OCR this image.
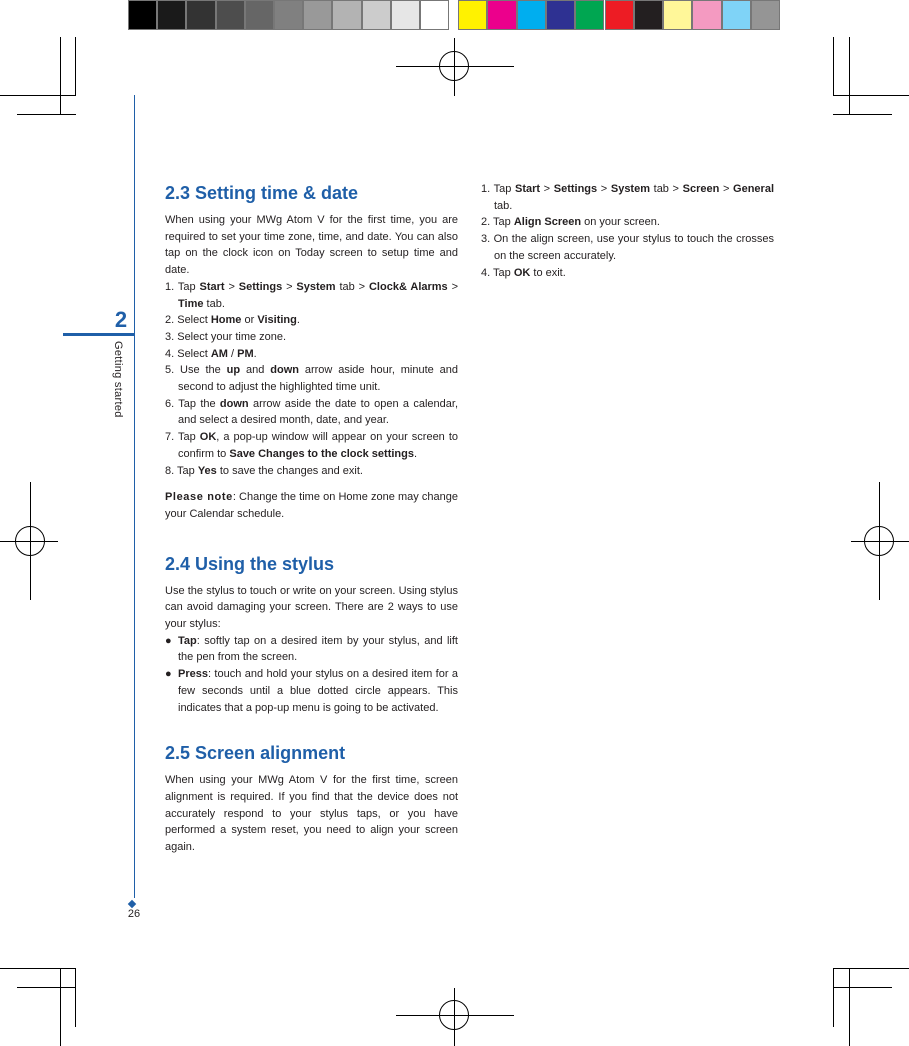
2
Getting started
26
2.3 Setting time & date

When using your MWg Atom V for the first time, you are required to set your time zone, time, and date. You can also tap on the clock icon on Today screen to setup time and date.

1. Tap Start > Settings > System tab > Clock& Alarms > Time tab.
2. Select Home or Visiting.
3. Select your time zone.
4. Select AM / PM.
5. Use the up and down arrow aside hour, minute and second to adjust the highlighted time unit.
6. Tap the down arrow aside the date to open a calendar, and select a desired month, date, and year.
7. Tap OK, a pop-up window will appear on your screen to confirm to Save Changes to the clock settings.
8. Tap Yes to save the changes and exit.

Please note: Change the time on Home zone may change your Calendar schedule.

2.4 Using the stylus

Use the stylus to touch or write on your screen. Using stylus can avoid damaging your screen. There are 2 ways to use your stylus:

● Tap: softly tap on a desired item by your stylus, and lift the pen from the screen.
● Press: touch and hold your stylus on a desired item for a few seconds until a blue dotted circle appears. This indicates that a pop-up menu is going to be activated.
2.5 Screen alignment

When using your MWg Atom V for the first time, screen alignment is required. If you find that the device does not accurately respond to your stylus taps, or you have performed a system reset, you need to align your screen again.

1. Tap Start > Settings > System tab > Screen > General tab.
2. Tap Align Screen on your screen.
3. On the align screen, use your stylus to touch the crosses on the screen accurately.
4. Tap OK to exit.
